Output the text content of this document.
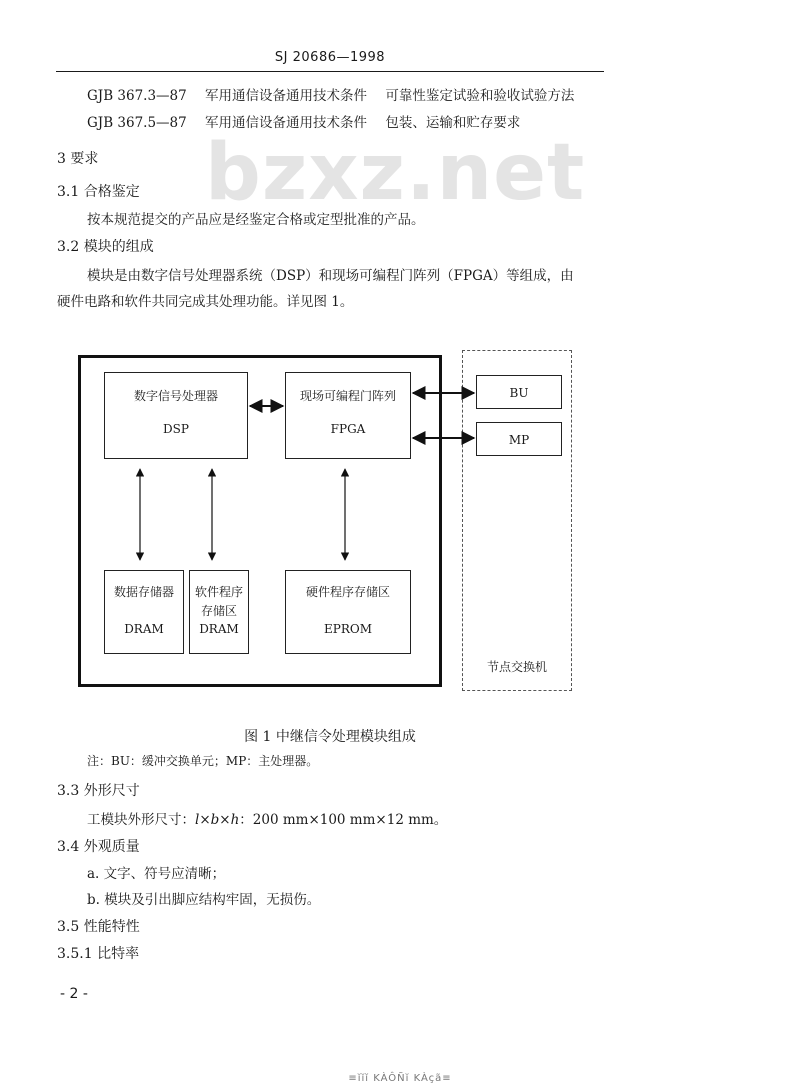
SJ 20686—1998
bzxz.net
GJB 367.3—87 军用通信设备通用技术条件 可靠性鉴定试验和验收试验方法
GJB 367.5—87 军用通信设备通用技术条件 包装、运输和贮存要求
3 要求
3.1 合格鉴定
按本规范提交的产品应是经鉴定合格或定型批准的产品。
3.2 模块的组成
模块是由数字信号处理器系统（DSP）和现场可编程门阵列（FPGA）等组成，由
硬件电路和软件共同完成其处理功能。详见图 1。
数字信号处理器
DSP
现场可编程门阵列
FPGA
数据存储器
DRAM
软件程序
存储区
DRAM
硬件程序存储区
EPROM
BU
MP
节点交换机
图 1 中继信令处理模块组成
注：BU：缓冲交换单元；MP：主处理器。
3.3 外形尺寸
工模块外形尺寸：l×b×h：200 mm×100 mm×12 mm。
3.4 外观质量
a. 文字、符号应清晰；
b. 模块及引出脚应结构牢固，无损伤。
3.5 性能特性
3.5.1 比特率
- 2 -
≡ĭĭĭ KÀÔÑĭ KÀçã≡
